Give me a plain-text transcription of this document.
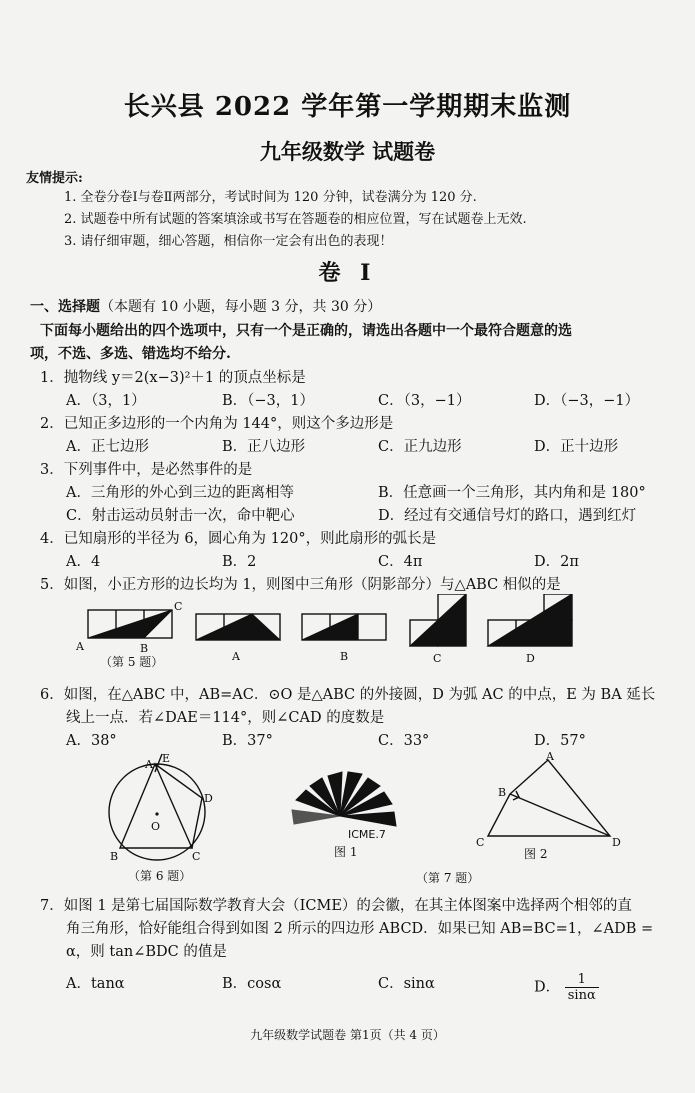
长兴县 2022 学年第一学期期末监测
九年级数学 试题卷
友情提示:
1. 全卷分卷Ⅰ与卷Ⅱ两部分，考试时间为 120 分钟，试卷满分为 120 分.
2. 试题卷中所有试题的答案填涂或书写在答题卷的相应位置，写在试题卷上无效.
3. 请仔细审题，细心答题，相信你一定会有出色的表现！
卷 Ⅰ
一、选择题（本题有 10 小题，每小题 3 分，共 30 分）
下面每小题给出的四个选项中，只有一个是正确的，请选出各题中一个最符合题意的选
项，不选、多选、错选均不给分.
1．抛物线 y＝2(x−3)²＋1 的顶点坐标是
A．（3，1）	B．（−3，1）	C．（3，−1）	D．（−3，−1）
2．已知正多边形的一个内角为 144°，则这个多边形是
A．正七边形	B．正八边形	C．正九边形	D．正十边形
3．下列事件中，是必然事件的是
A．三角形的外心到三边的距离相等	B．任意画一个三角形，其内角和是 180°
C．射击运动员射击一次，命中靶心	D．经过有交通信号灯的路口，遇到红灯
4．已知扇形的半径为 6，圆心角为 120°，则此扇形的弧长是
A．4	B．2	C．4π	D．2π
5．如图，小正方形的边长均为 1，则图中三角形（阴影部分）与△ABC 相似的是
A	B
C
（第 5 题）	A	B	C	D
6．如图，在△ABC 中，AB=AC．⊙O 是△ABC 的外接圆，D 为弧 AC 的中点，E 为 BA 延长
线上一点．若∠DAE＝114°，则∠CAD 的度数是
A．38°	B．37°	C．33°	D．57°
A E
D
O
B	C
（第 6 题）
ICME.7
图 1
A
B
C	D
图 2
（第 7 题）
7．如图 1 是第七届国际数学教育大会（ICME）的会徽，在其主体图案中选择两个相邻的直
角三角形，恰好能组合得到如图 2 所示的四边形 ABCD．如果已知 AB=BC=1，∠ADB =
α，则 tan∠BDC 的值是
A．tanα	B．cosα	C．sinα	D． $\frac{1}{\sin\alpha}$
九年级数学试题卷 第1页（共 4 页）
